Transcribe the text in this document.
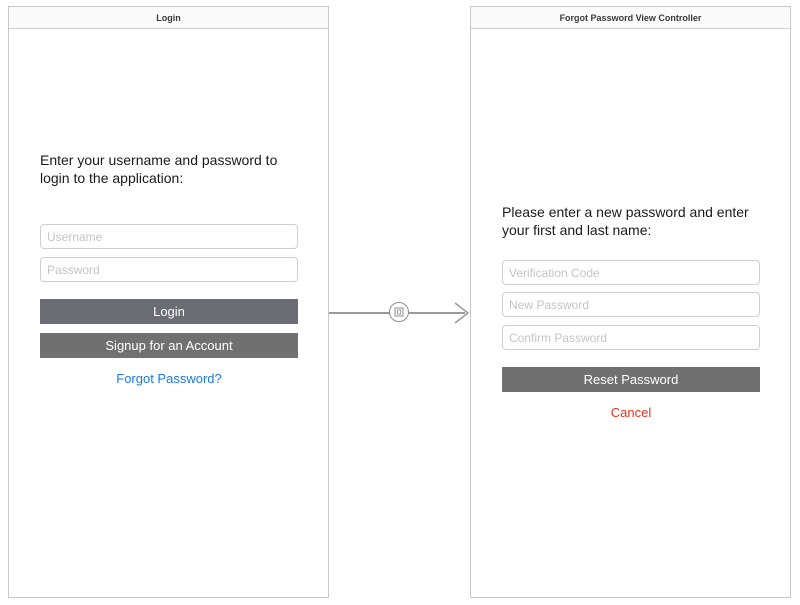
Login
Enter your username and password to
login to the application:
Username
Login
Signup for an Account
Forgot Password?
Forgot Password View Controller
Please enter a new password and enter
your first and last name:
Verification Code
Reset Password
Cancel
